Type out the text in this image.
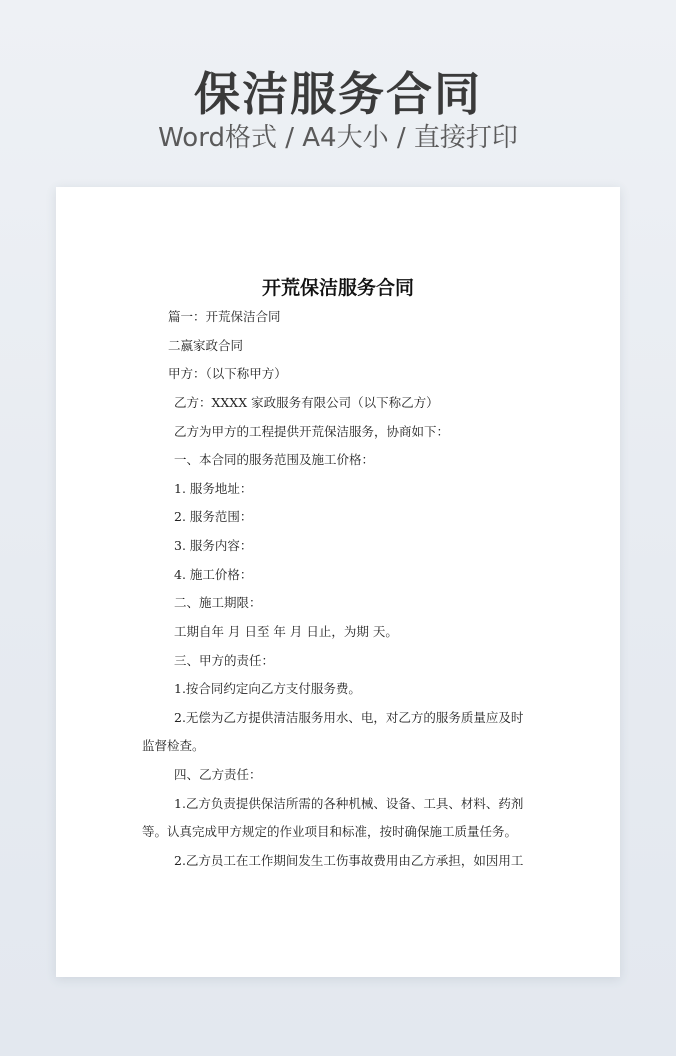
保洁服务合同
Word格式 / A4大小 / 直接打印
开荒保洁服务合同
篇一：开荒保洁合同
二嬴家政合同
甲方：（以下称甲方）
乙方：XXXX 家政服务有限公司（以下称乙方）
乙方为甲方的工程提供开荒保洁服务，协商如下：
一、本合同的服务范围及施工价格：
1. 服务地址：
2. 服务范围：
3. 服务内容：
4. 施工价格：
二、施工期限：
工期自年 月 日至 年 月 日止，为期 天。
三、甲方的责任：
1.按合同约定向乙方支付服务费。
2.无偿为乙方提供清洁服务用水、电，对乙方的服务质量应及时
监督检查。
四、乙方责任：
1.乙方负责提供保洁所需的各种机械、设备、工具、材料、药剂
等。认真完成甲方规定的作业项目和标准，按时确保施工质量任务。
2.乙方员工在工作期间发生工伤事故费用由乙方承担，如因用工
